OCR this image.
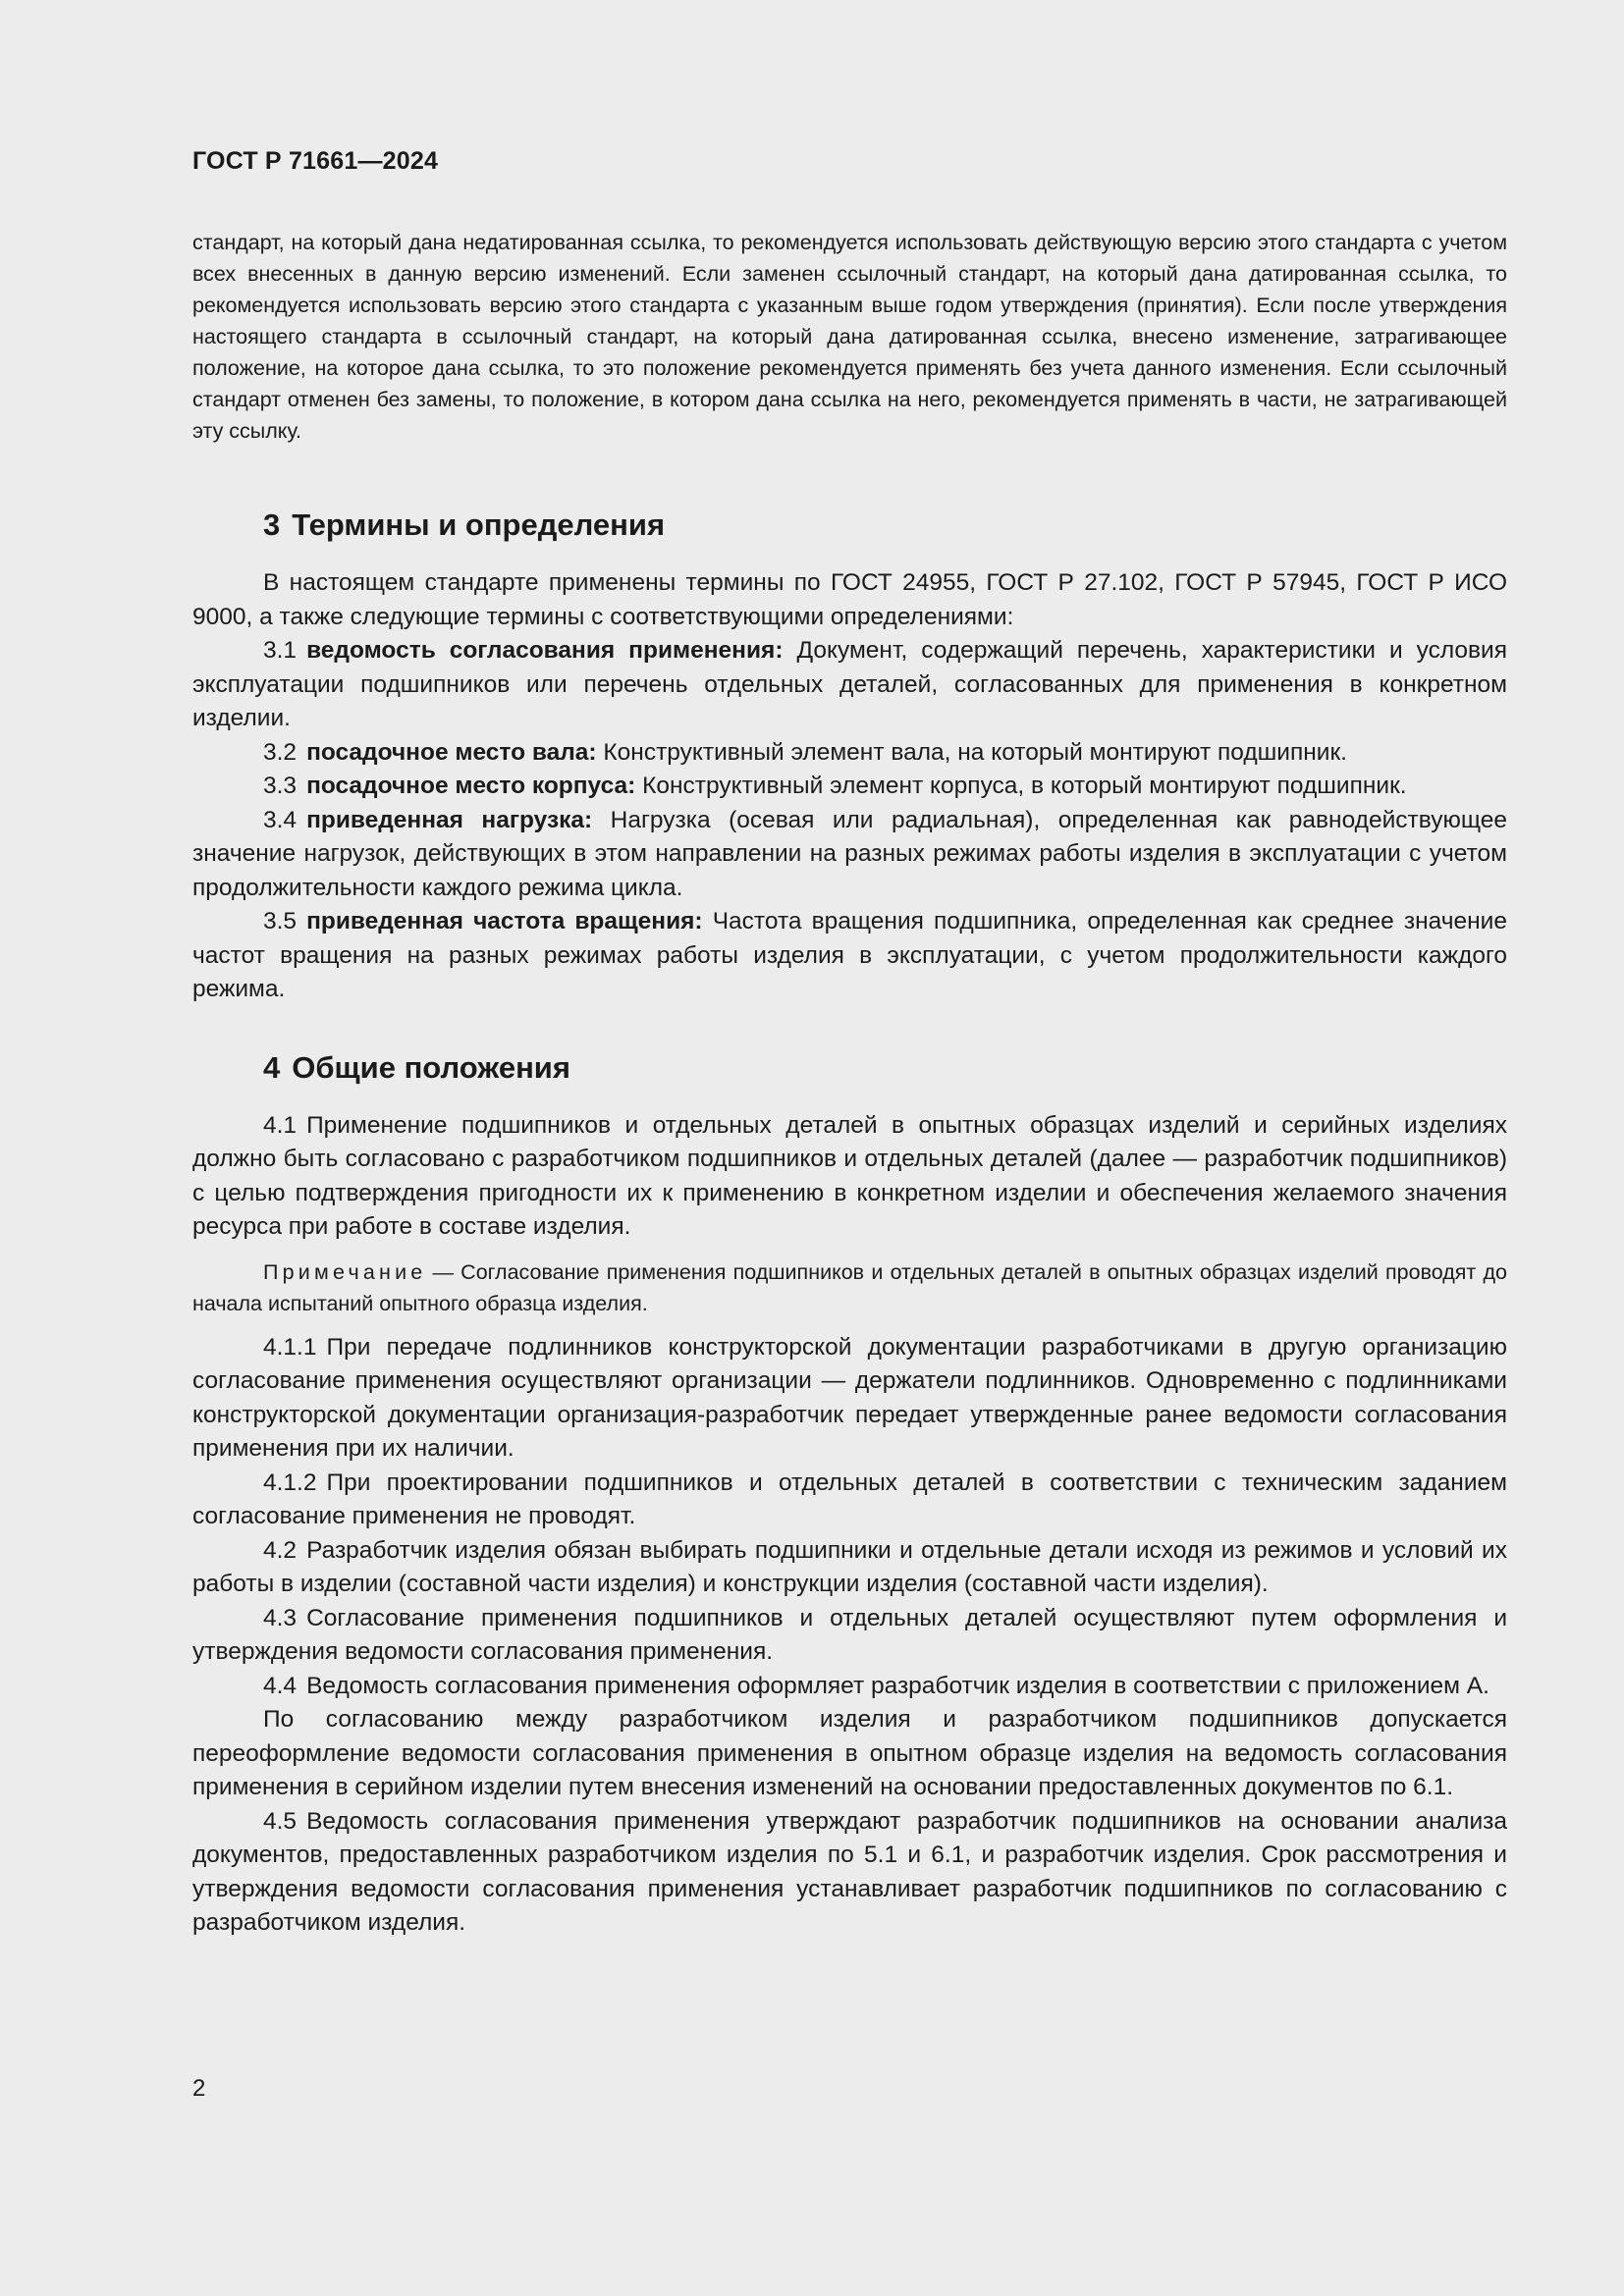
ГОСТ Р 71661—2024

стандарт, на который дана недатированная ссылка, то рекомендуется использовать действующую версию этого стандарта с учетом всех внесенных в данную версию изменений. Если заменен ссылочный стандарт, на который дана датированная ссылка, то рекомендуется использовать версию этого стандарта с указанным выше годом утверждения (принятия). Если после утверждения настоящего стандарта в ссылочный стандарт, на который дана датированная ссылка, внесено изменение, затрагивающее положение, на которое дана ссылка, то это положение рекомендуется применять без учета данного изменения. Если ссылочный стандарт отменен без замены, то положение, в котором дана ссылка на него, рекомендуется применять в части, не затрагивающей эту ссылку.

3 Термины и определения

В настоящем стандарте применены термины по ГОСТ 24955, ГОСТ Р 27.102, ГОСТ Р 57945, ГОСТ Р ИСО 9000, а также следующие термины с соответствующими определениями:

3.1 ведомость согласования применения: Документ, содержащий перечень, характеристики и условия эксплуатации подшипников или перечень отдельных деталей, согласованных для применения в конкретном изделии.

3.2 посадочное место вала: Конструктивный элемент вала, на который монтируют подшипник.

3.3 посадочное место корпуса: Конструктивный элемент корпуса, в который монтируют подшипник.

3.4 приведенная нагрузка: Нагрузка (осевая или радиальная), определенная как равнодействующее значение нагрузок, действующих в этом направлении на разных режимах работы изделия в эксплуатации с учетом продолжительности каждого режима цикла.

3.5 приведенная частота вращения: Частота вращения подшипника, определенная как среднее значение частот вращения на разных режимах работы изделия в эксплуатации, с учетом продолжительности каждого режима.

4 Общие положения

4.1 Применение подшипников и отдельных деталей в опытных образцах изделий и серийных изделиях должно быть согласовано с разработчиком подшипников и отдельных деталей (далее — разработчик подшипников) с целью подтверждения пригодности их к применению в конкретном изделии и обеспечения желаемого значения ресурса при работе в составе изделия.

Примечание — Согласование применения подшипников и отдельных деталей в опытных образцах изделий проводят до начала испытаний опытного образца изделия.

4.1.1 При передаче подлинников конструкторской документации разработчиками в другую организацию согласование применения осуществляют организации — держатели подлинников. Одновременно с подлинниками конструкторской документации организация-разработчик передает утвержденные ранее ведомости согласования применения при их наличии.

4.1.2 При проектировании подшипников и отдельных деталей в соответствии с техническим заданием согласование применения не проводят.

4.2 Разработчик изделия обязан выбирать подшипники и отдельные детали исходя из режимов и условий их работы в изделии (составной части изделия) и конструкции изделия (составной части изделия).

4.3 Согласование применения подшипников и отдельных деталей осуществляют путем оформления и утверждения ведомости согласования применения.

4.4 Ведомость согласования применения оформляет разработчик изделия в соответствии с приложением А.

По согласованию между разработчиком изделия и разработчиком подшипников допускается переоформление ведомости согласования применения в опытном образце изделия на ведомость согласования применения в серийном изделии путем внесения изменений на основании предоставленных документов по 6.1.

4.5 Ведомость согласования применения утверждают разработчик подшипников на основании анализа документов, предоставленных разработчиком изделия по 5.1 и 6.1, и разработчик изделия. Срок рассмотрения и утверждения ведомости согласования применения устанавливает разработчик подшипников по согласованию с разработчиком изделия.

2
